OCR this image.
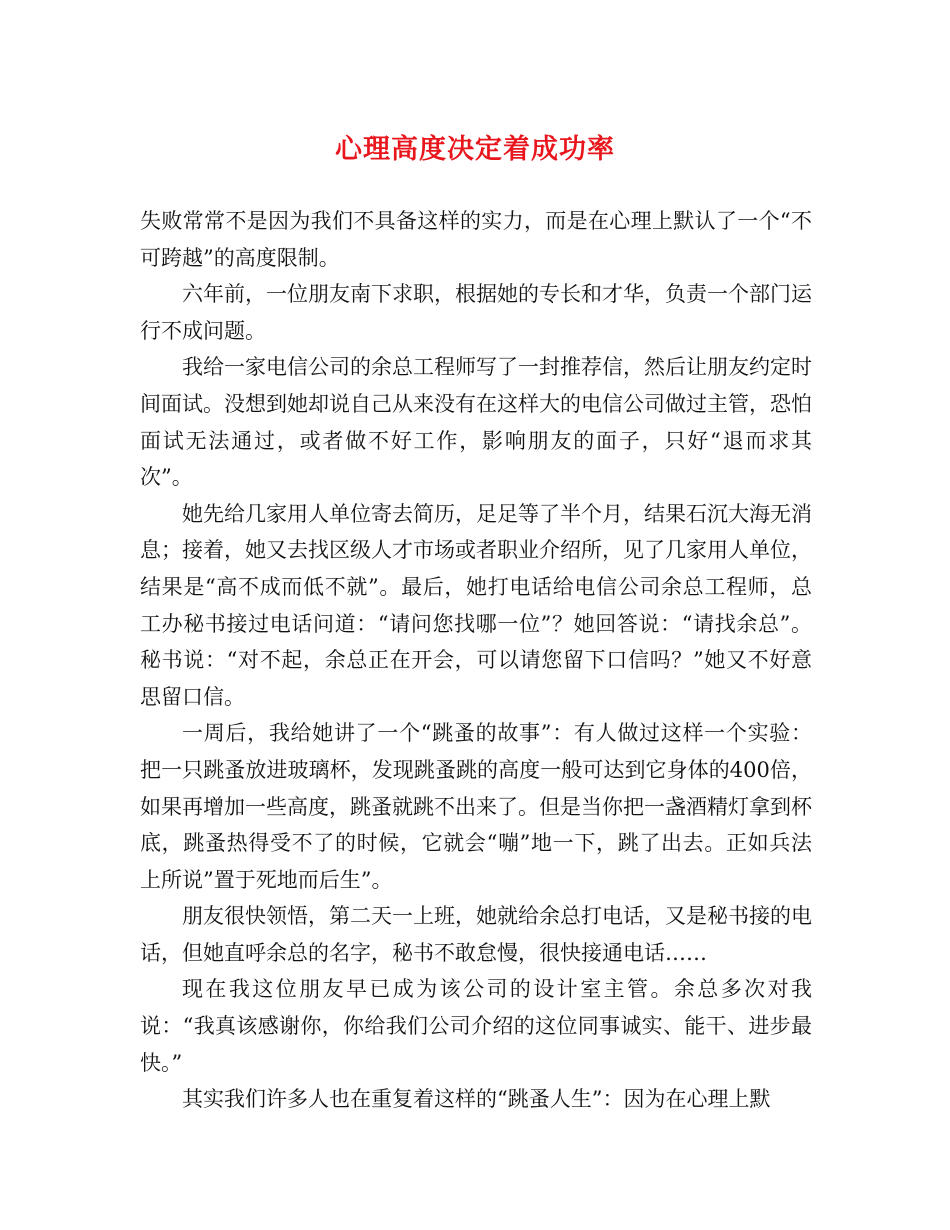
心理高度决定着成功率

失败常常不是因为我们不具备这样的实力，而是在心理上默认了一个“不可跨越”的高度限制。

六年前，一位朋友南下求职，根据她的专长和才华，负责一个部门运行不成问题。

我给一家电信公司的余总工程师写了一封推荐信，然后让朋友约定时间面试。没想到她却说自己从来没有在这样大的电信公司做过主管，恐怕面试无法通过，或者做不好工作，影响朋友的面子，只好“退而求其次”。

她先给几家用人单位寄去简历，足足等了半个月，结果石沉大海无消息；接着，她又去找区级人才市场或者职业介绍所，见了几家用人单位，结果是“高不成而低不就”。最后，她打电话给电信公司余总工程师，总工办秘书接过电话问道：“请问您找哪一位”？她回答说：“请找余总”。秘书说：“对不起，余总正在开会，可以请您留下口信吗？”她又不好意思留口信。

一周后，我给她讲了一个“跳蚤的故事”：有人做过这样一个实验：把一只跳蚤放进玻璃杯，发现跳蚤跳的高度一般可达到它身体的400倍，如果再增加一些高度，跳蚤就跳不出来了。但是当你把一盏酒精灯拿到杯底，跳蚤热得受不了的时候，它就会“嘣”地一下，跳了出去。正如兵法上所说”置于死地而后生”。

朋友很快领悟，第二天一上班，她就给余总打电话，又是秘书接的电话，但她直呼余总的名字，秘书不敢怠慢，很快接通电话……

现在我这位朋友早已成为该公司的设计室主管。余总多次对我说：“我真该感谢你，你给我们公司介绍的这位同事诚实、能干、进步最快。”

其实我们许多人也在重复着这样的“跳蚤人生”：因为在心理上默
